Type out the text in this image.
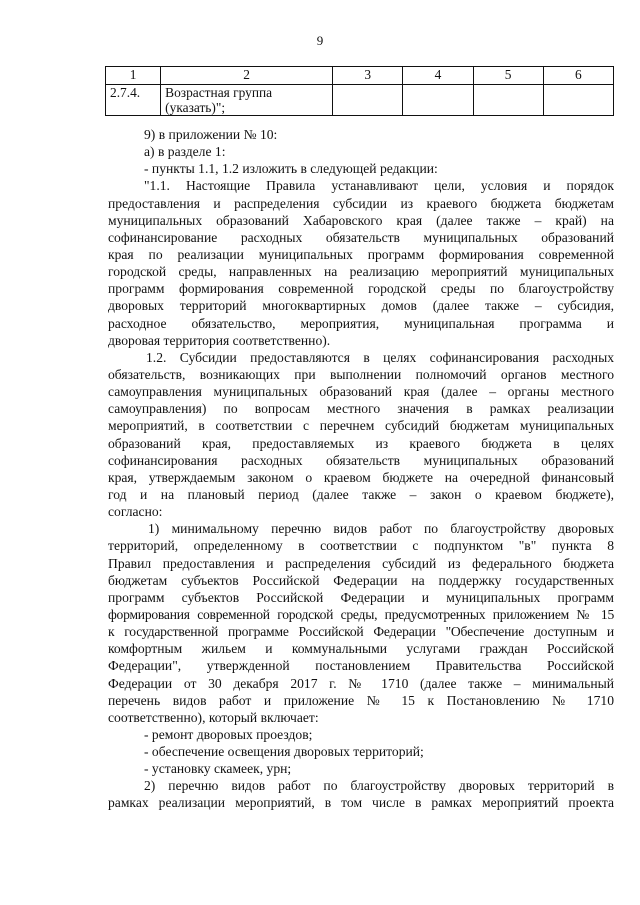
9
1	2	3	4	5	6
2.7.4.	Возрастная группа
(указать)";				

9) в приложении № 10:
а) в разделе 1:
- пункты 1.1, 1.2 изложить в следующей редакции:
"1.1. Настоящие Правила устанавливают цели, условия и порядок
предоставления и распределения субсидии из краевого бюджета бюджетам
муниципальных образований Хабаровского края (далее также – край) на
софинансирование расходных обязательств муниципальных образований
края по реализации муниципальных программ формирования современной
городской среды, направленных на реализацию мероприятий муниципальных
программ формирования современной городской среды по благоустройству
дворовых территорий многоквартирных домов (далее также – субсидия,
расходное обязательство, мероприятия, муниципальная программа и
дворовая территория соответственно).
1.2. Субсидии предоставляются в целях софинансирования расходных
обязательств, возникающих при выполнении полномочий органов местного
самоуправления муниципальных образований края (далее – органы местного
самоуправления) по вопросам местного значения в рамках реализации
мероприятий, в соответствии с перечнем субсидий бюджетам муниципальных
образований края, предоставляемых из краевого бюджета в целях
софинансирования расходных обязательств муниципальных образований
края, утверждаемым законом о краевом бюджете на очередной финансовый
год и на плановый период (далее также – закон о краевом бюджете),
согласно:
1) минимальному перечню видов работ по благоустройству дворовых
территорий, определенному в соответствии с подпунктом "в" пункта 8
Правил предоставления и распределения субсидий из федерального бюджета
бюджетам субъектов Российской Федерации на поддержку государственных
программ субъектов Российской Федерации и муниципальных программ
формирования современной городской среды, предусмотренных приложением № 15
к государственной программе Российской Федерации "Обеспечение доступным и
комфортным жильем и коммунальными услугами граждан Российской
Федерации", утвержденной постановлением Правительства Российской
Федерации от 30 декабря 2017 г. № 1710 (далее также – минимальный
перечень видов работ и приложение № 15 к Постановлению № 1710
соответственно), который включает:
- ремонт дворовых проездов;
- обеспечение освещения дворовых территорий;
- установку скамеек, урн;
2) перечню видов работ по благоустройству дворовых территорий в
рамках реализации мероприятий, в том числе в рамках мероприятий проекта
